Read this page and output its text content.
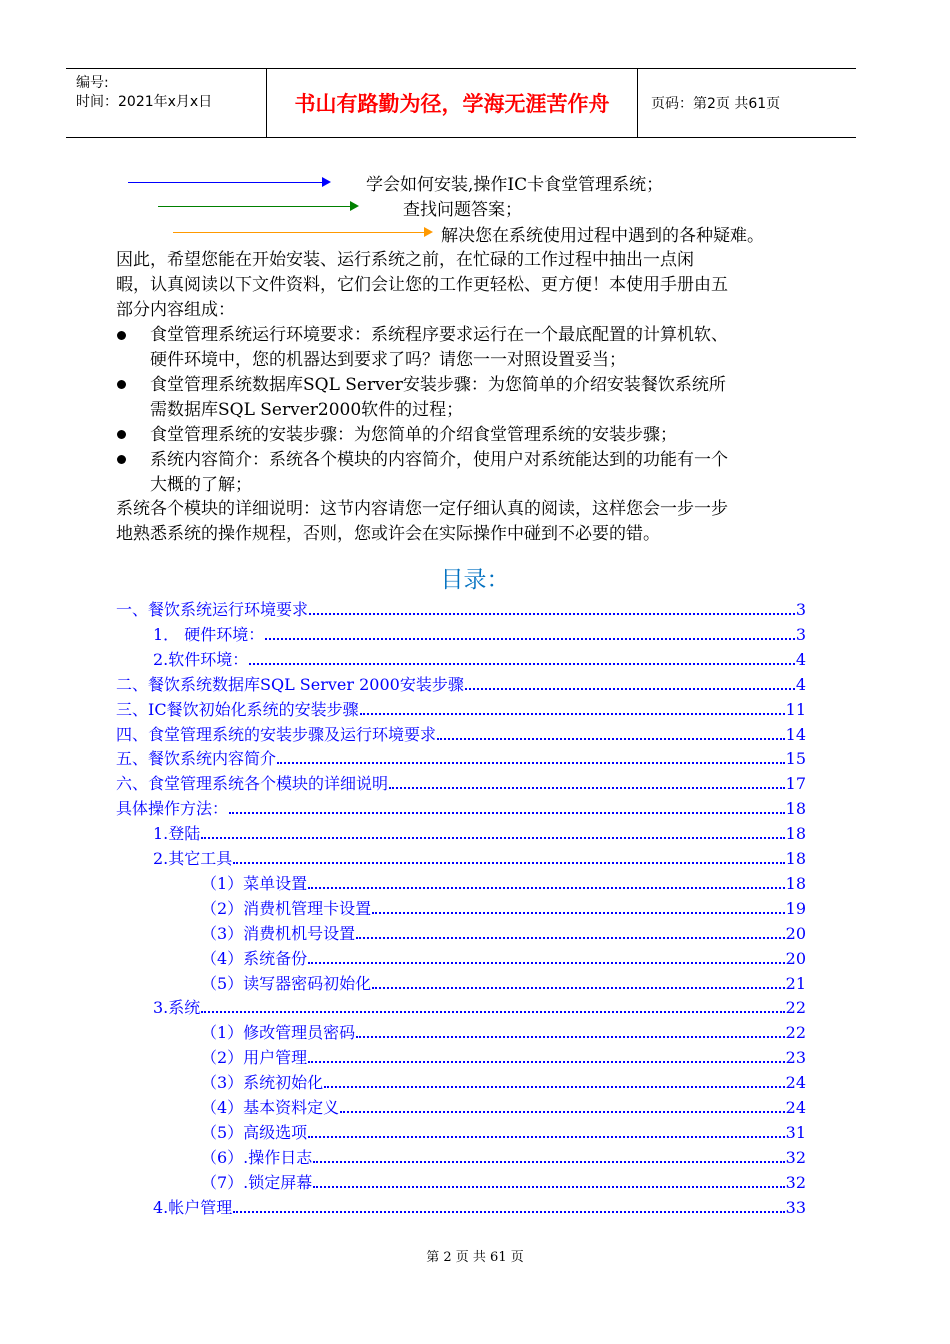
编号:
时间：2021年x月x日	书山有路勤为径，学海无涯苦作舟	页码：第2页 共61页
学会如何安装,操作IC卡食堂管理系统；
查找问题答案；
解决您在系统使用过程中遇到的各种疑难。
因此，希望您能在开始安装、运行系统之前，在忙碌的工作过程中抽出一点闲
暇，认真阅读以下文件资料，它们会让您的工作更轻松、更方便！本使用手册由五
部分内容组成：
食堂管理系统运行环境要求：系统程序要求运行在一个最底配置的计算机软、
硬件环境中，您的机器达到要求了吗？请您一一对照设置妥当；
食堂管理系统数据库SQL Server安装步骤：为您简单的介绍安装餐饮系统所
需数据库SQL Server2000软件的过程；
食堂管理系统的安装步骤：为您简单的介绍食堂管理系统的安装步骤；
系统内容简介：系统各个模块的内容简介，使用户对系统能达到的功能有一个
大概的了解；
系统各个模块的详细说明：这节内容请您一定仔细认真的阅读，这样您会一步一步
地熟悉系统的操作规程，否则，您或许会在实际操作中碰到不必要的错。
目录：
一、餐饮系统运行环境要求	3
1． 硬件环境：	3
2.软件环境：	4
二、餐饮系统数据库SQL Server 2000安装步骤	4
三、IC餐饮初始化系统的安装步骤	11
四、食堂管理系统的安装步骤及运行环境要求	14
五、餐饮系统内容简介	15
六、食堂管理系统各个模块的详细说明	17
具体操作方法：	18
1.登陆	18
2.其它工具	18
（1）菜单设置	18
（2）消费机管理卡设置	19
（3）消费机机号设置	20
（4）系统备份	20
（5）读写器密码初始化	21
3.系统	22
（1）修改管理员密码	22
（2）用户管理	23
（3）系统初始化	24
（4）基本资料定义	24
（5）高级选项	31
（6）.操作日志	32
（7）.锁定屏幕	32
4.帐户管理	33
第 2 页 共 61 页
